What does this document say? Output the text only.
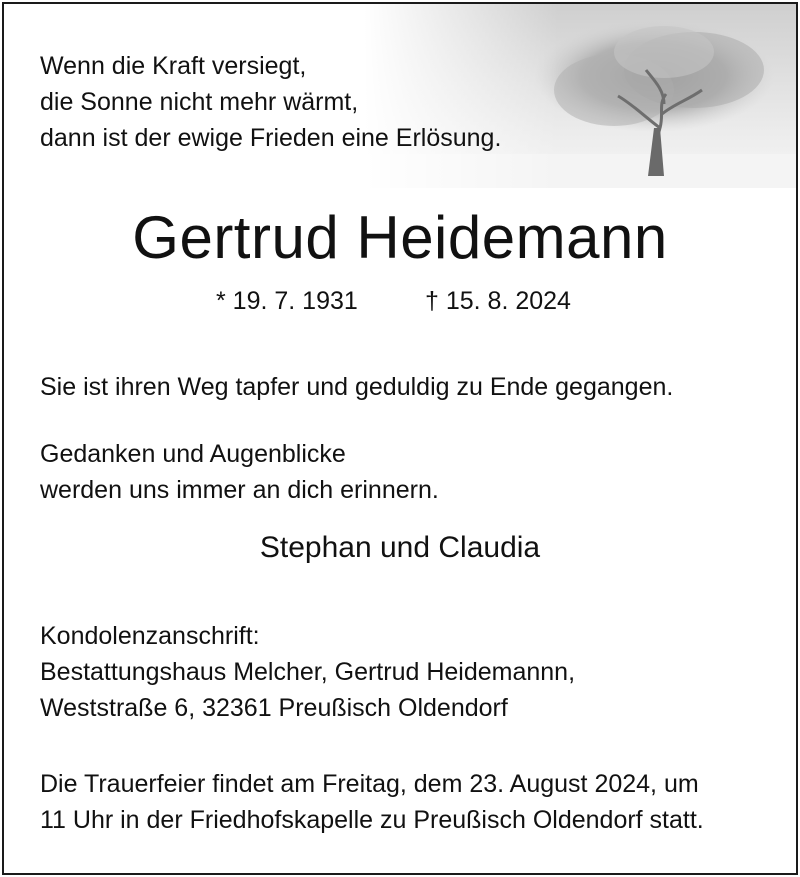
Wenn die Kraft versiegt,
die Sonne nicht mehr wärmt,
dann ist der ewige Frieden eine Erlösung.
Gertrud Heidemann
* 19. 7. 1931	† 15. 8. 2024
Sie ist ihren Weg tapfer und geduldig zu Ende gegangen.
Gedanken und Augenblicke
werden uns immer an dich erinnern.
Stephan und Claudia
Kondolenzanschrift:
Bestattungshaus Melcher, Gertrud Heidemannn,
Weststraße 6, 32361 Preußisch Oldendorf
Die Trauerfeier findet am Freitag, dem 23. August 2024, um
11 Uhr in der Friedhofskapelle zu Preußisch Oldendorf statt.
